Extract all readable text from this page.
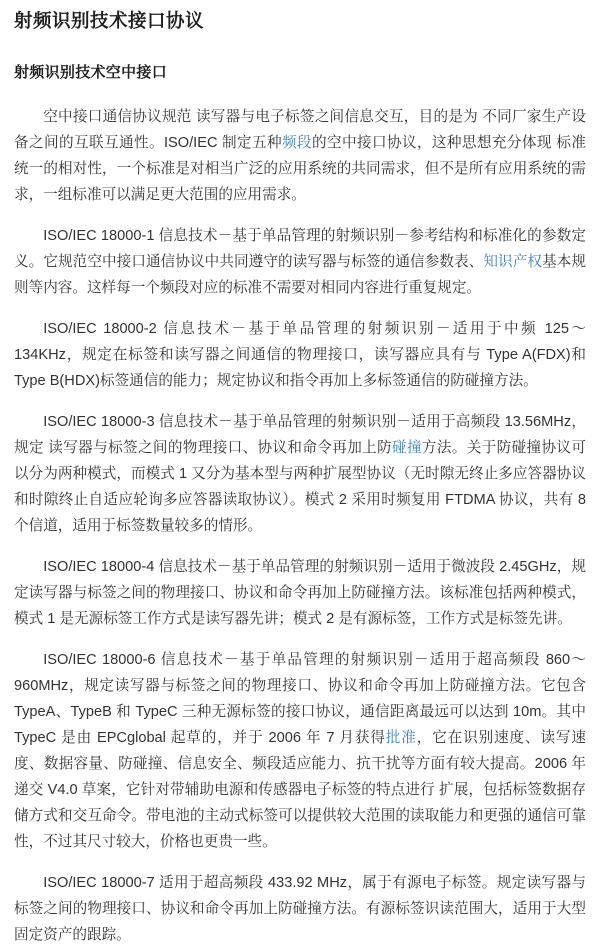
射频识别技术接口协议
射频识别技术空中接口

空中接口通信协议规范 读写器与电子标签之间信息交互，目的是为 不同厂家生产设备之间的互联互通性。ISO/IEC 制定五种频段的空中接口协议，这种思想充分体现 标准统一的相对性，一个标准是对相当广泛的应用系统的共同需求，但不是所有应用系统的需求，一组标准可以满足更大范围的应用需求。

ISO/IEC 18000-1 信息技术－基于单品管理的射频识别－参考结构和标准化的参数定义。它规范空中接口通信协议中共同遵守的读写器与标签的通信参数表、知识产权基本规则等内容。这样每一个频段对应的标准不需要对相同内容进行重复规定。

ISO/IEC 18000-2 信息技术－基于单品管理的射频识别－适用于中频 125～134KHz，规定在标签和读写器之间通信的物理接口，读写器应具有与 Type A(FDX)和 Type B(HDX)标签通信的能力；规定协议和指令再加上多标签通信的防碰撞方法。

ISO/IEC 18000-3 信息技术－基于单品管理的射频识别－适用于高频段 13.56MHz，规定 读写器与标签之间的物理接口、协议和命令再加上防碰撞方法。关于防碰撞协议可以分为两种模式，而模式 1 又分为基本型与两种扩展型协议（无时隙无终止多应答器协议和时隙终止自适应轮询多应答器读取协议）。模式 2 采用时频复用 FTDMA 协议，共有 8 个信道，适用于标签数量较多的情形。

ISO/IEC 18000-4 信息技术－基于单品管理的射频识别－适用于微波段 2.45GHz，规定读写器与标签之间的物理接口、协议和命令再加上防碰撞方法。该标准包括两种模式，模式 1 是无源标签工作方式是读写器先讲；模式 2 是有源标签，工作方式是标签先讲。

ISO/IEC 18000-6 信息技术－基于单品管理的射频识别－适用于超高频段 860～960MHz，规定读写器与标签之间的物理接口、协议和命令再加上防碰撞方法。它包含 TypeA、TypeB 和 TypeC 三种无源标签的接口协议，通信距离最远可以达到 10m。其中 TypeC 是由 EPCglobal 起草的，并于 2006 年 7 月获得批准，它在识别速度、读写速度、数据容量、防碰撞、信息安全、频段适应能力、抗干扰等方面有较大提高。2006 年递交 V4.0 草案，它针对带辅助电源和传感器电子标签的特点进行 扩展，包括标签数据存储方式和交互命令。带电池的主动式标签可以提供较大范围的读取能力和更强的通信可靠性，不过其尺寸较大，价格也更贵一些。

ISO/IEC 18000-7 适用于超高频段 433.92 MHz，属于有源电子标签。规定读写器与标签之间的物理接口、协议和命令再加上防碰撞方法。有源标签识读范围大，适用于大型固定资产的跟踪。
